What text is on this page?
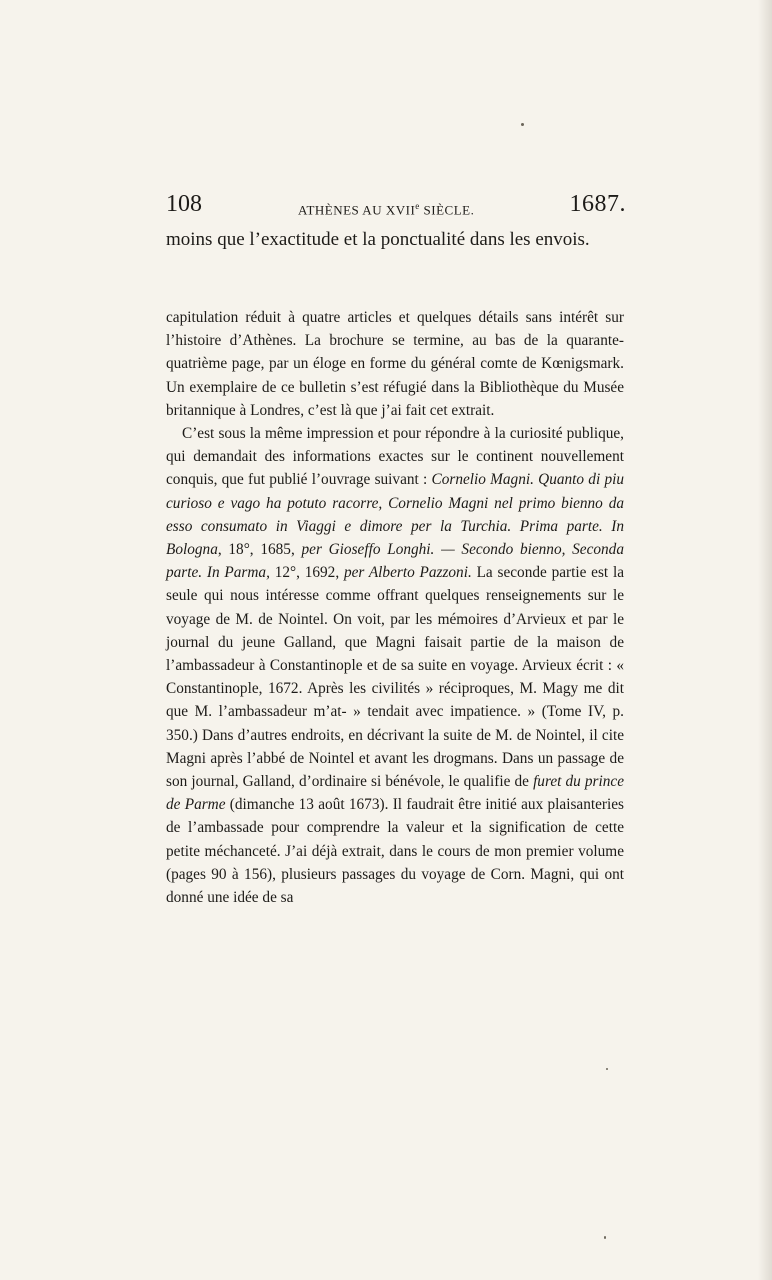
108	ATHÈNES AU XVIIe SIÈCLE.	1687.
moins que l’exactitude et la ponctualité dans les envois.

capitulation réduit à quatre articles et quelques détails sans intérêt sur l’histoire d’Athènes. La brochure se termine, au bas de la quarante-quatrième page, par un éloge en forme du général comte de Kœnigsmark. Un exemplaire de ce bulletin s’est réfugié dans la Bibliothèque du Musée britannique à Londres, c’est là que j’ai fait cet extrait.

C’est sous la même impression et pour répondre à la curiosité publique, qui demandait des informations exactes sur le continent nouvellement conquis, que fut publié l’ouvrage suivant : Cornelio Magni. Quanto di piu curioso e vago ha potuto racorre, Cornelio Magni nel primo bienno da esso consumato in Viaggi e dimore per la Turchia. Prima parte. In Bologna, 18°, 1685, per Gioseffo Longhi. — Secondo bienno, Seconda parte. In Parma, 12°, 1692, per Alberto Pazzoni. La seconde partie est la seule qui nous intéresse comme offrant quelques renseignements sur le voyage de M. de Nointel. On voit, par les mémoires d’Arvieux et par le journal du jeune Galland, que Magni faisait partie de la maison de l’ambassadeur à Constantinople et de sa suite en voyage. Arvieux écrit : « Constantinople, 1672. Après les civilités » réciproques, M. Magy me dit que M. l’ambassadeur m’at- » tendait avec impatience. » (Tome IV, p. 350.) Dans d’autres endroits, en décrivant la suite de M. de Nointel, il cite Magni après l’abbé de Nointel et avant les drogmans. Dans un passage de son journal, Galland, d’ordinaire si bénévole, le qualifie de furet du prince de Parme (dimanche 13 août 1673). Il faudrait être initié aux plaisanteries de l’ambassade pour comprendre la valeur et la signification de cette petite méchanceté. J’ai déjà extrait, dans le cours de mon premier volume (pages 90 à 156), plusieurs passages du voyage de Corn. Magni, qui ont donné une idée de sa
